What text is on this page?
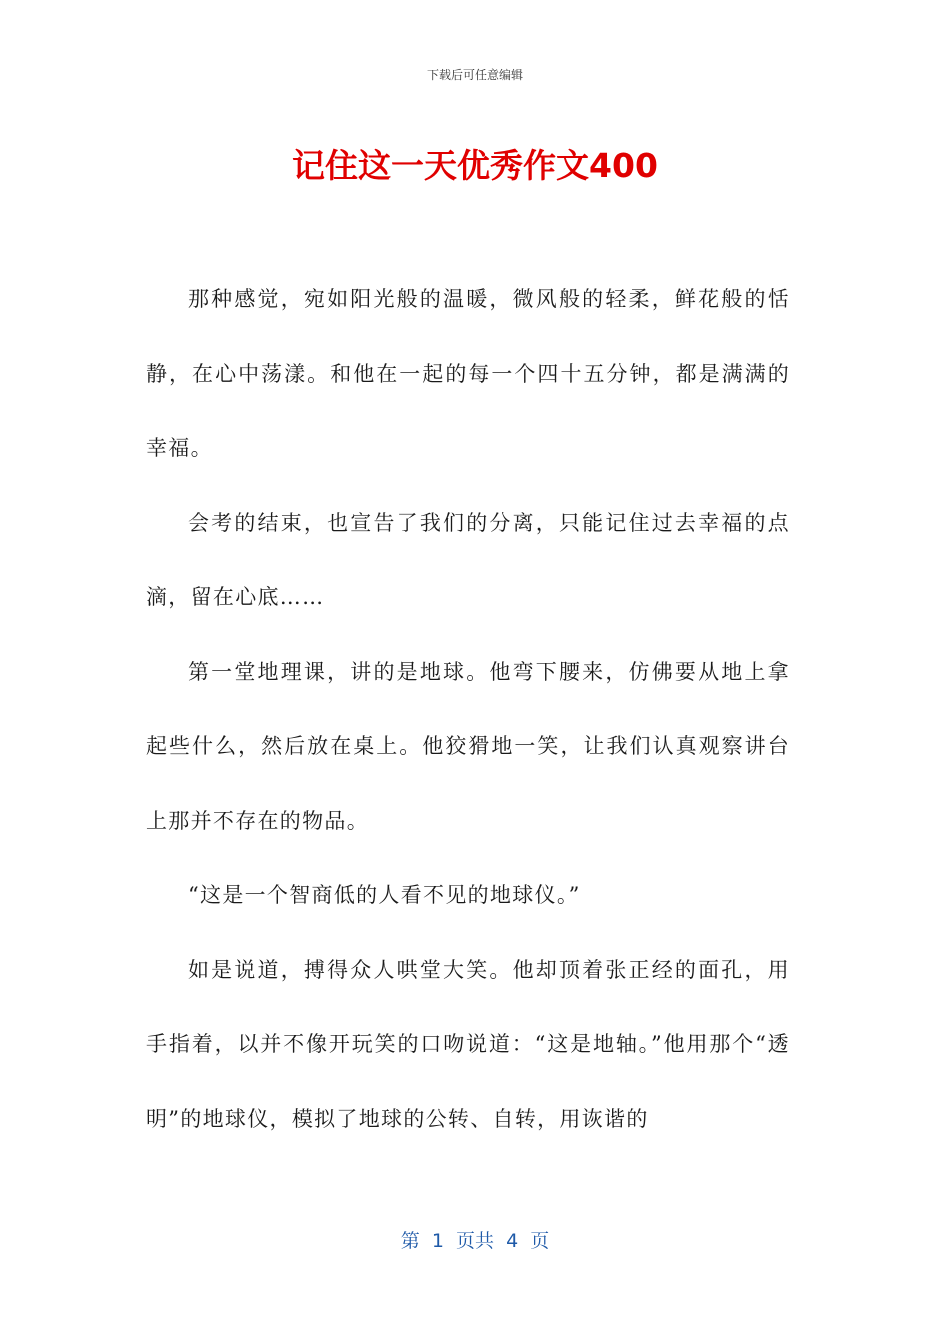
下载后可任意编辑
记住这一天优秀作文400

那种感觉，宛如阳光般的温暖，微风般的轻柔，鲜花般的恬静，在心中荡漾。和他在一起的每一个四十五分钟，都是满满的幸福。

会考的结束，也宣告了我们的分离，只能记住过去幸福的点滴，留在心底……

第一堂地理课，讲的是地球。他弯下腰来，仿佛要从地上拿起些什么，然后放在桌上。他狡猾地一笑，让我们认真观察讲台上那并不存在的物品。

“这是一个智商低的人看不见的地球仪。”

如是说道，搏得众人哄堂大笑。他却顶着张正经的面孔，用手指着，以并不像开玩笑的口吻说道：“这是地轴。”他用那个“透明”的地球仪，模拟了地球的公转、自转，用诙谐的

第  1  页共  4  页
